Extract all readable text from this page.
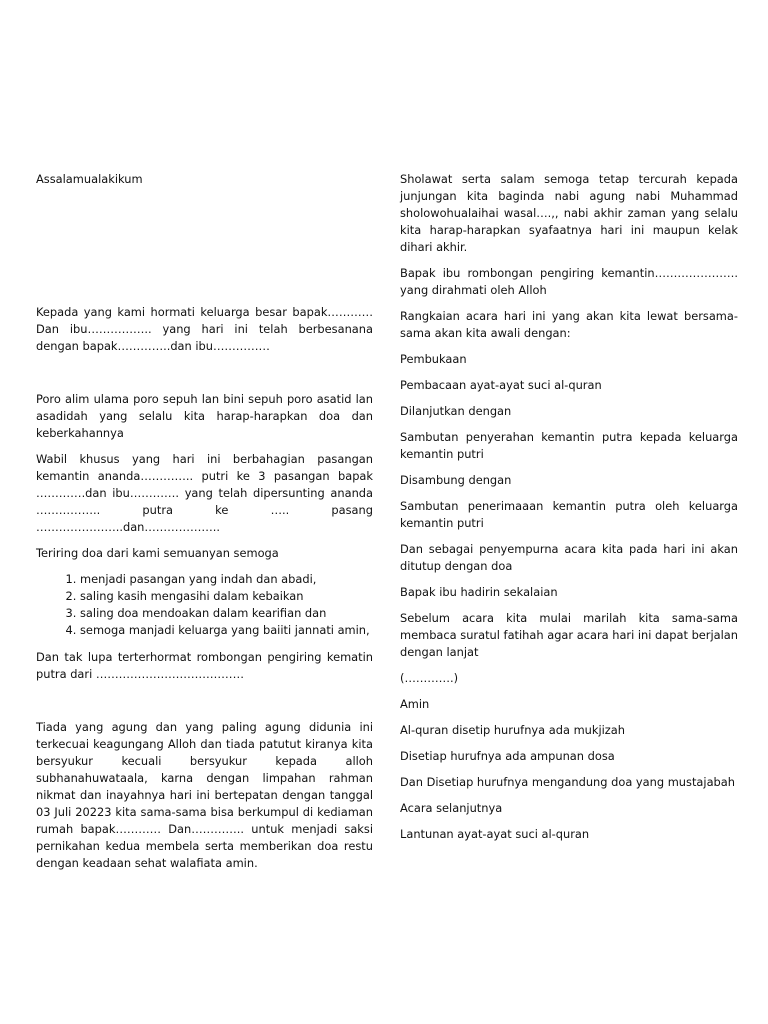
Assalamualakikum

Kepada yang kami hormati keluarga besar bapak………… Dan ibu…………….. yang hari ini telah berbesanana dengan bapak…………..dan ibu……………

Poro alim ulama poro sepuh lan bini sepuh poro asatid lan asadidah yang selalu kita harap-harapkan doa dan keberkahannya

Wabil khusus yang hari ini berbahagian pasangan kemantin ananda………….. putri ke 3 pasangan bapak ………….dan ibu…………. yang telah dipersunting ananda …………….. putra ke ….. pasang …………………..dan………………..

Teriring doa dari kami semuanyan semoga

1. menjadi pasangan yang indah dan abadi,
2. saling kasih mengasihi dalam kebaikan
3. saling doa mendoakan dalam kearifian dan
4. semoga manjadi keluarga yang baiiti jannati amin,

Dan tak lupa terterhormat rombongan pengiring kematin putra dari …………………………………

Tiada yang agung dan yang paling agung didunia ini terkecuai keagungang Alloh dan tiada patutut kiranya kita bersyukur kecuali bersyukur kepada alloh subhanahuwataala, karna dengan limpahan rahman nikmat dan inayahnya hari ini bertepatan dengan tanggal 03 Juli 20223 kita sama-sama bisa berkumpul di kediaman rumah bapak………… Dan………….. untuk menjadi saksi pernikahan kedua membela serta memberikan doa restu dengan keadaan sehat walafiata amin.

Sholawat serta salam semoga tetap tercurah kepada junjungan kita baginda nabi agung nabi Muhammad sholowohualaihai wasal….,, nabi akhir zaman yang selalu kita harap-harapkan syafaatnya hari ini maupun kelak dihari akhir.

Bapak ibu rombongan pengiring kemantin…………………. yang dirahmati oleh Alloh

Rangkaian acara hari ini yang akan kita lewat bersama-sama akan kita awali dengan:

Pembukaan

Pembacaan ayat-ayat suci al-quran

Dilanjutkan dengan

Sambutan penyerahan kemantin putra kepada keluarga kemantin putri

Disambung dengan

Sambutan penerimaaan kemantin putra oleh keluarga kemantin putri

Dan sebagai penyempurna acara kita pada hari ini akan ditutup dengan doa

Bapak ibu hadirin sekalaian

Sebelum acara kita mulai marilah kita sama-sama membaca suratul fatihah agar acara hari ini dapat berjalan dengan lanjat

(………….)

Amin

Al-quran disetip hurufnya ada mukjizah

Disetiap hurufnya ada ampunan dosa

Dan Disetiap hurufnya mengandung doa yang mustajabah

Acara selanjutnya

Lantunan ayat-ayat suci al-quran
